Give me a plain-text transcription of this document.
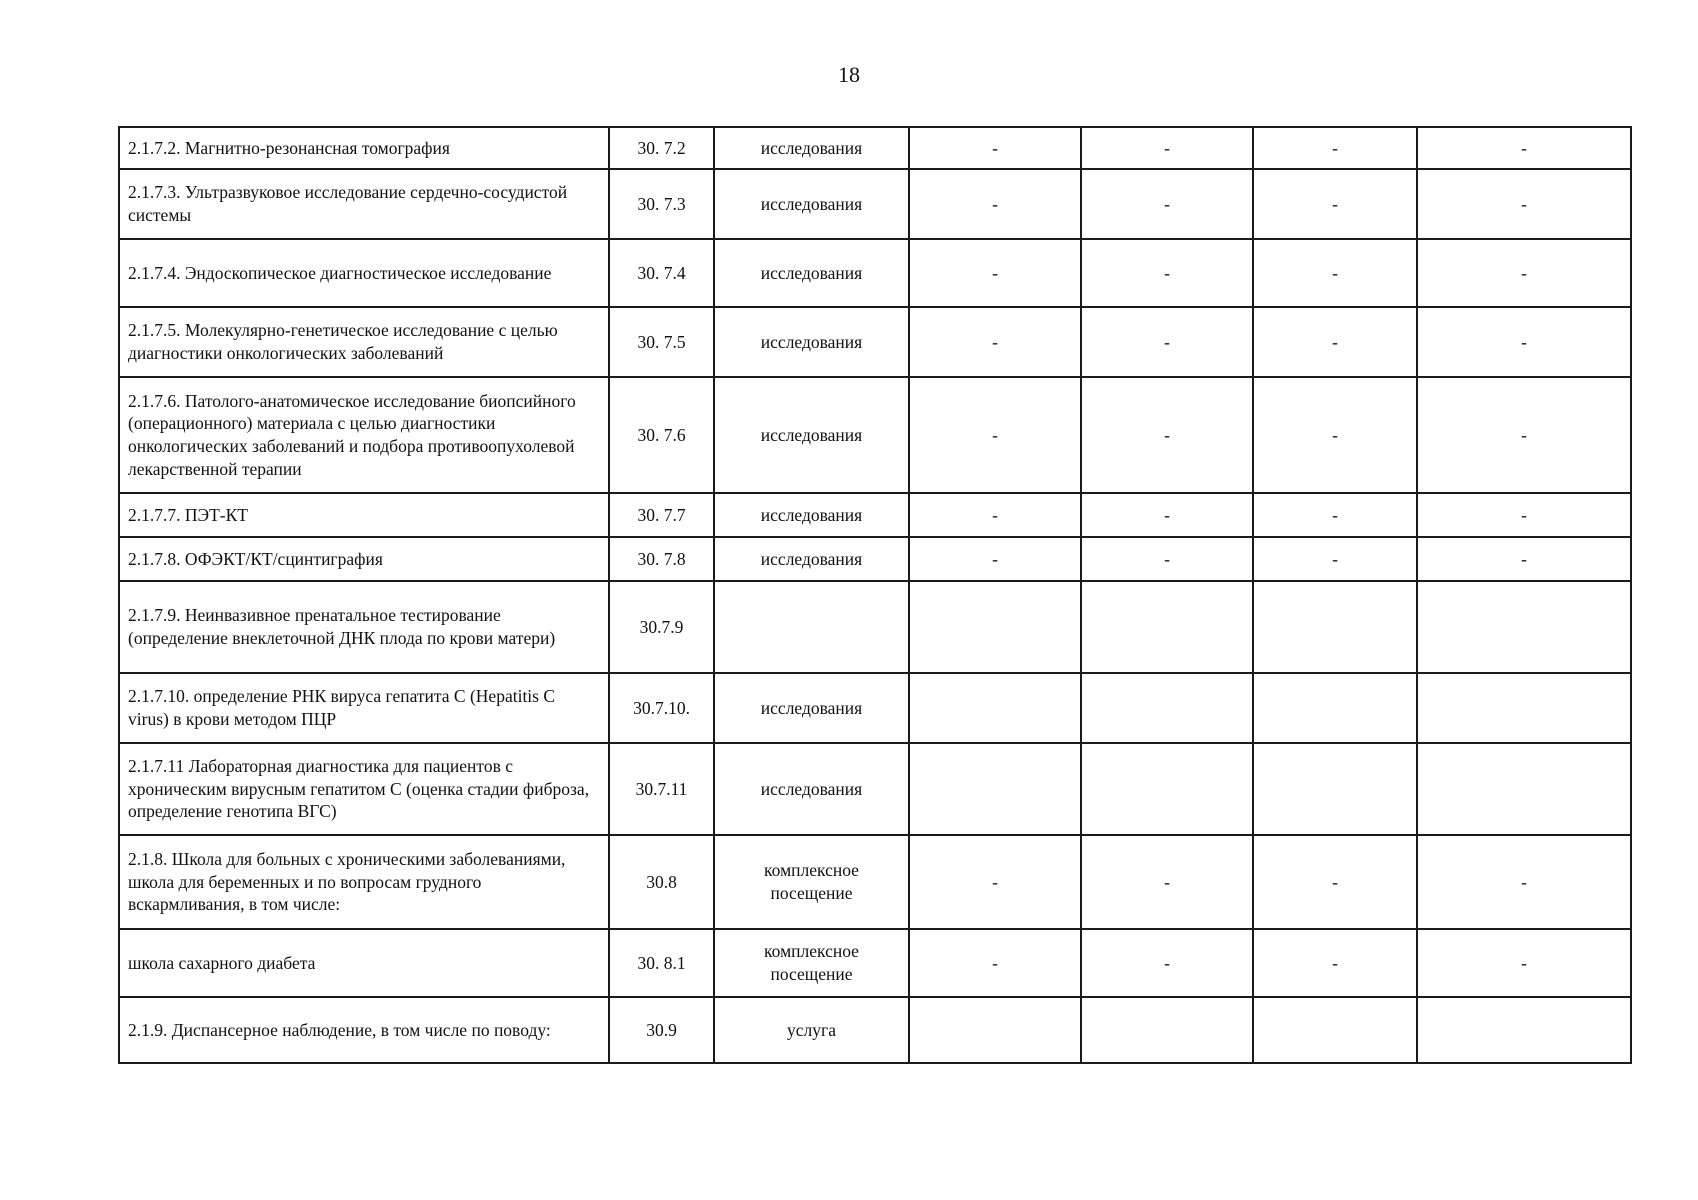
18
2.1.7.2. Магнитно-резонансная томография	30. 7.2	исследования	-	-	-	-
2.1.7.3. Ультразвуковое исследование сердечно-сосудистой системы	30. 7.3	исследования	-	-	-	-
2.1.7.4. Эндоскопическое диагностическое исследование	30. 7.4	исследования	-	-	-	-
2.1.7.5. Молекулярно-генетическое исследование с целью диагностики онкологических заболеваний	30. 7.5	исследования	-	-	-	-
2.1.7.6. Патолого-анатомическое исследование биопсийного (операционного) материала с целью диагностики онкологических заболеваний и подбора противоопухолевой лекарственной терапии	30. 7.6	исследования	-	-	-	-
2.1.7.7. ПЭТ-КТ	30. 7.7	исследования	-	-	-	-
2.1.7.8. ОФЭКТ/КТ/сцинтиграфия	30. 7.8	исследования	-	-	-	-
2.1.7.9. Неинвазивное пренатальное тестирование (определение внеклеточной ДНК плода по крови матери)	30.7.9					
2.1.7.10. определение РНК вируса гепатита С (Hepatitis C virus) в крови методом ПЦР	30.7.10.	исследования				
2.1.7.11 Лабораторная диагностика для пациентов с хроническим вирусным гепатитом С (оценка стадии фиброза, определение генотипа ВГС)	30.7.11	исследования				
2.1.8. Школа для больных с хроническими заболеваниями, школа для беременных и по вопросам грудного вскармливания, в том числе:	30.8	комплексное посещение	-	-	-	-
школа сахарного диабета	30. 8.1	комплексное посещение	-	-	-	-
2.1.9. Диспансерное наблюдение, в том числе по поводу:	30.9	услуга				
